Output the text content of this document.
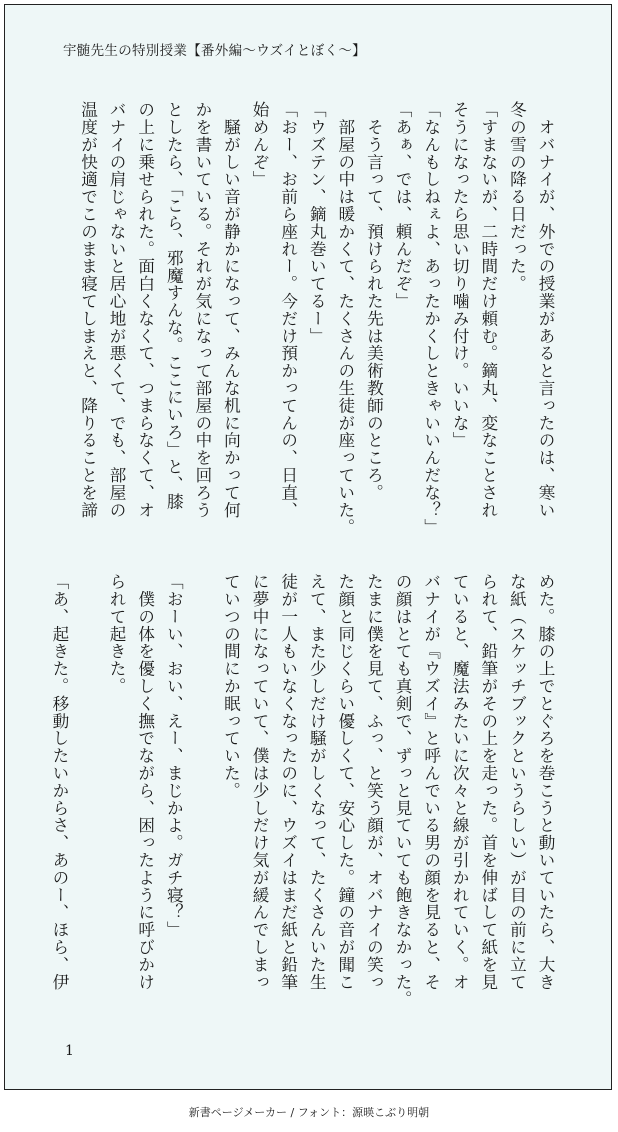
宇髄先生の特別授業【番外編〜ウズイとぼく〜】
　オバナイが、外での授業があると言ったのは、寒い
冬の雪の降る日だった。
「すまないが、二時間だけ頼む。鏑丸、変なことされ
そうになったら思い切り噛み付け。いいな」
「なんもしねぇよ、あったかくしときゃいいんだな？」
「あぁ、では、頼んだぞ」
　そう言って、預けられた先は美術教師のところ。
　部屋の中は暖かくて、たくさんの生徒が座っていた。
「ウズテン、鏑丸巻いてるー」
「おー、お前ら座れー。今だけ預かってんの、日直、
始めんぞ」
　騒がしい音が静かになって、みんな机に向かって何
かを書いている。それが気になって部屋の中を回ろう
としたら、「こら、邪魔すんな。ここにいろ」と、膝
の上に乗せられた。面白くなくて、つまらなくて、オ
バナイの肩じゃないと居心地が悪くて、でも、部屋の
温度が快適でこのまま寝てしまえと、降りることを諦
めた。膝の上でとぐろを巻こうと動いていたら、大き
な紙（スケッチブックというらしい）が目の前に立て
られて、鉛筆がその上を走った。首を伸ばして紙を見
ていると、魔法みたいに次々と線が引かれていく。オ
バナイが『ウズイ』と呼んでいる男の顔を見ると、そ
の顔はとても真剣で、ずっと見ていても飽きなかった。
たまに僕を見て、ふっ、と笑う顔が、オバナイの笑っ
た顔と同じくらい優しくて、安心した。鐘の音が聞こ
えて、また少しだけ騒がしくなって、たくさんいた生
徒が一人もいなくなったのに、ウズイはまだ紙と鉛筆
に夢中になっていて、僕は少しだけ気が緩んでしまっ
ていつの間にか眠っていた。

「おーい、おい、えー、まじかよ。ガチ寝？」
　僕の体を優しく撫でながら、困ったように呼びかけ
られて起きた。

「あ、起きた。移動したいからさ、あのー、ほら、伊
1
新書ページメーカー / フォント：源暎こぶり明朝
